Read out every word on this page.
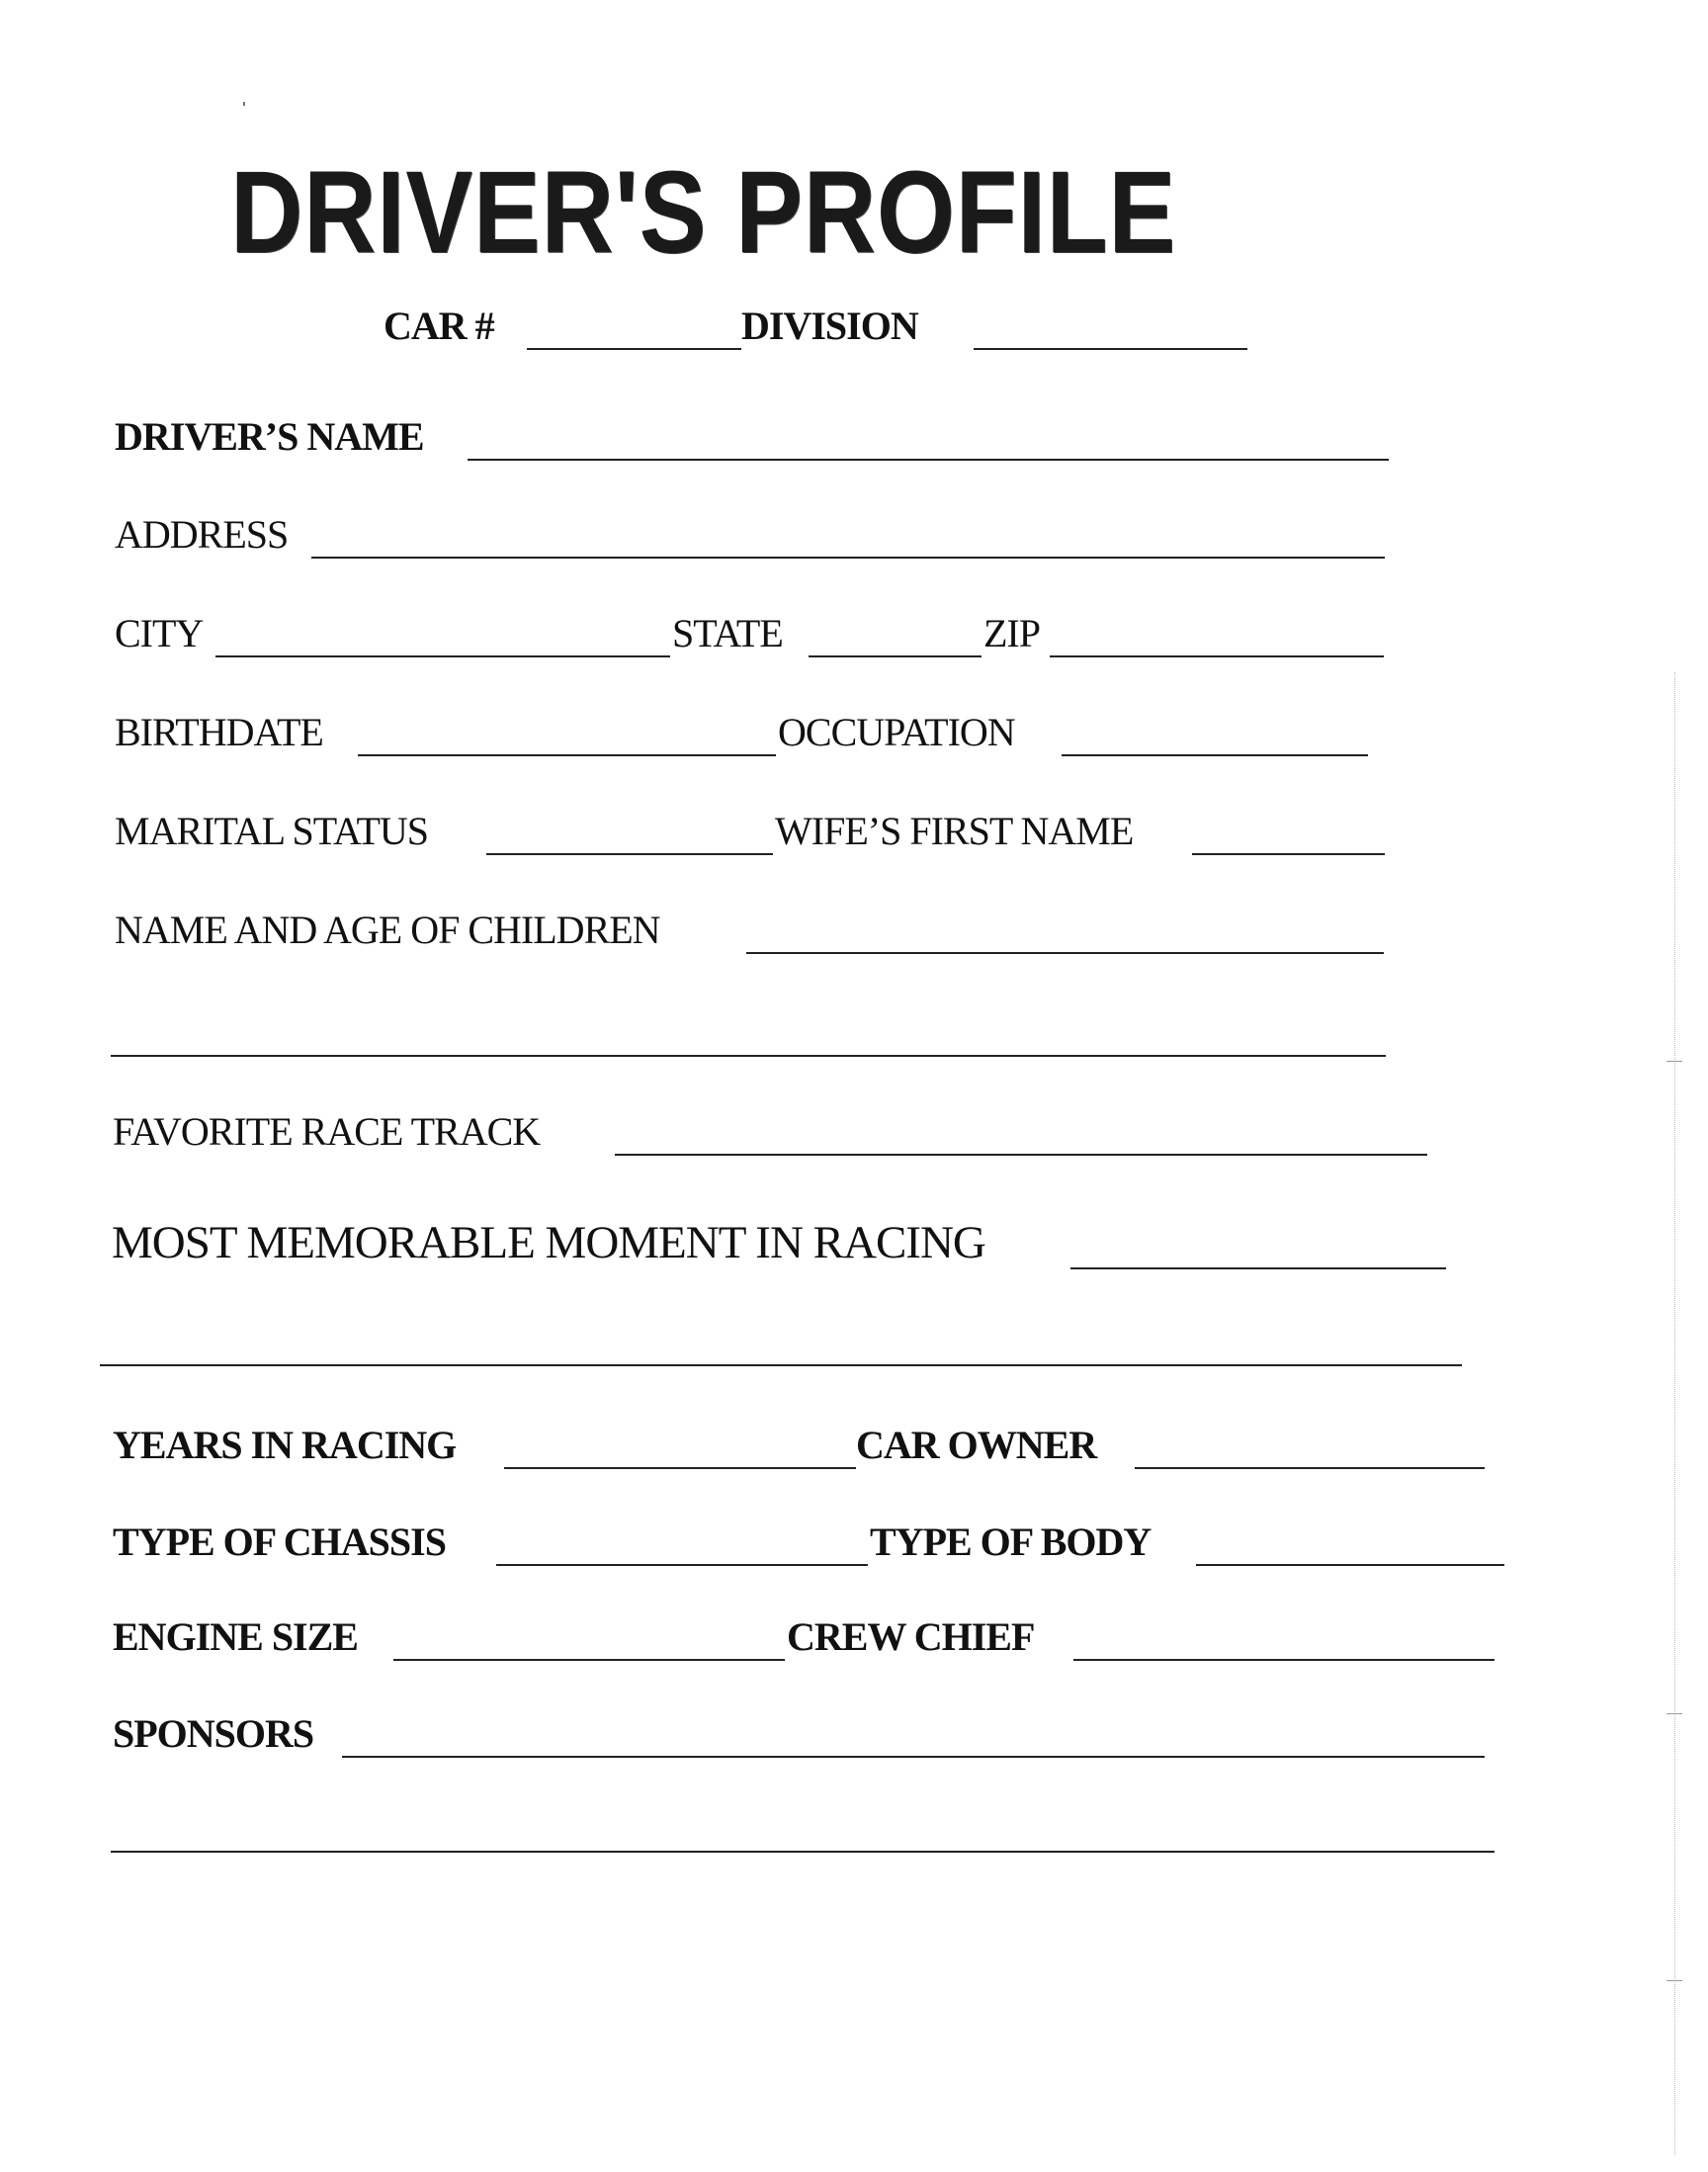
DRIVER'S PROFILE
CAR #	DIVISION
DRIVER’S NAME
ADDRESS
CITY	STATE	ZIP
BIRTHDATE	OCCUPATION
MARITAL STATUS	WIFE’S FIRST NAME
NAME AND AGE OF CHILDREN
FAVORITE RACE TRACK
MOST MEMORABLE MOMENT IN RACING
YEARS IN RACING	CAR OWNER
TYPE OF CHASSIS	TYPE OF BODY
ENGINE SIZE	CREW CHIEF
SPONSORS
